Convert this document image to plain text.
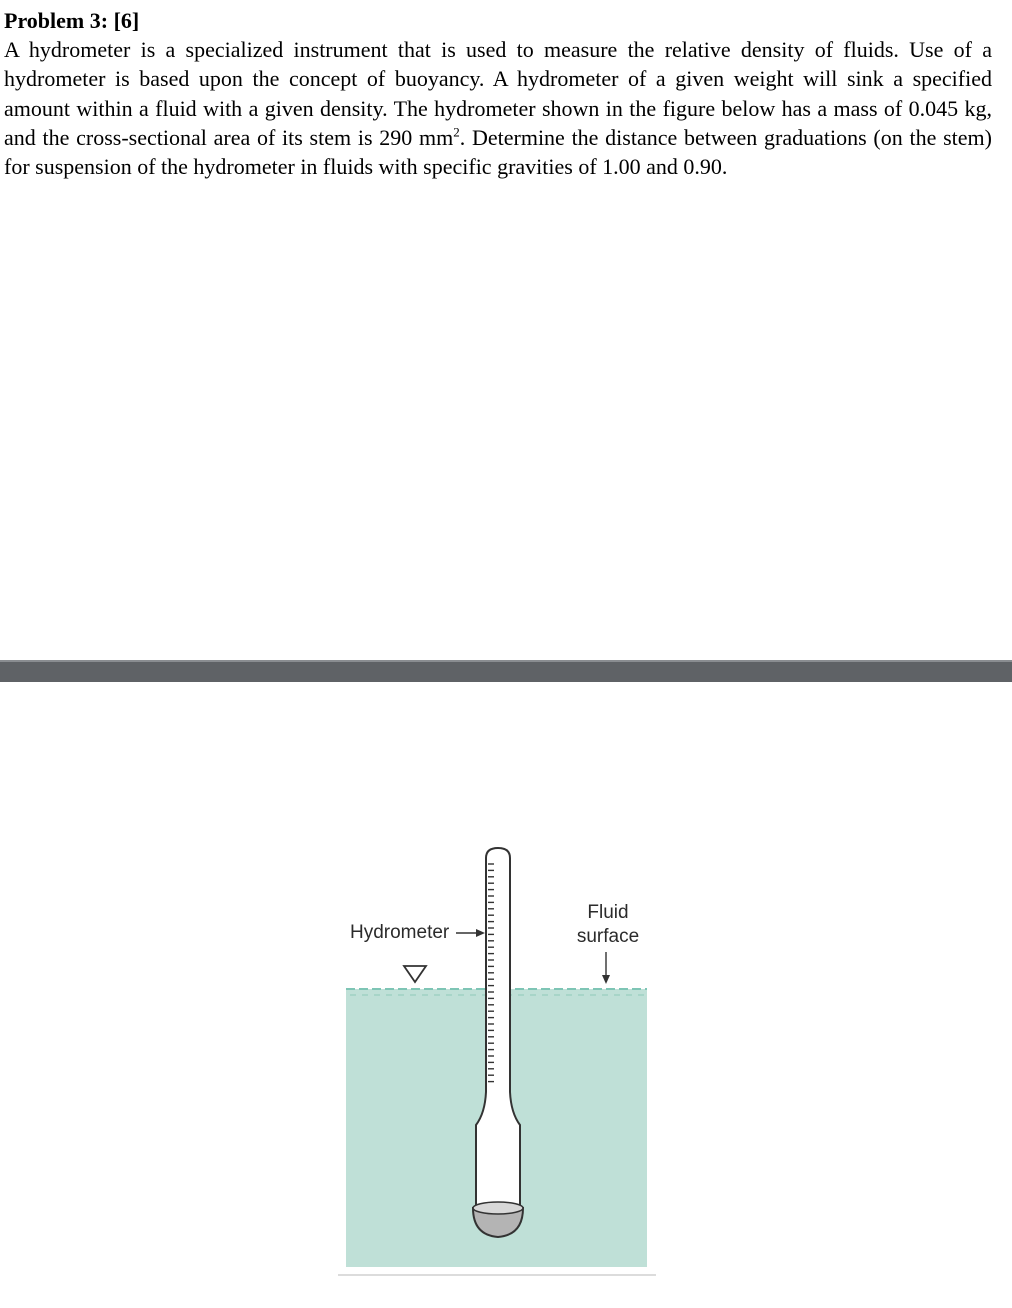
Problem 3: [6]

A hydrometer is a specialized instrument that is used to measure the relative density of fluids. Use of a hydrometer is based upon the concept of buoyancy. A hydrometer of a given weight will sink a specified amount within a fluid with a given density. The hydrometer shown in the figure below has a mass of 0.045 kg, and the cross-sectional area of its stem is 290 $mm^2$. Determine the distance between graduations (on the stem) for suspension of the hydrometer in fluids with specific gravities of 1.00 and 0.90.

Hydrometer
Fluid
surface
